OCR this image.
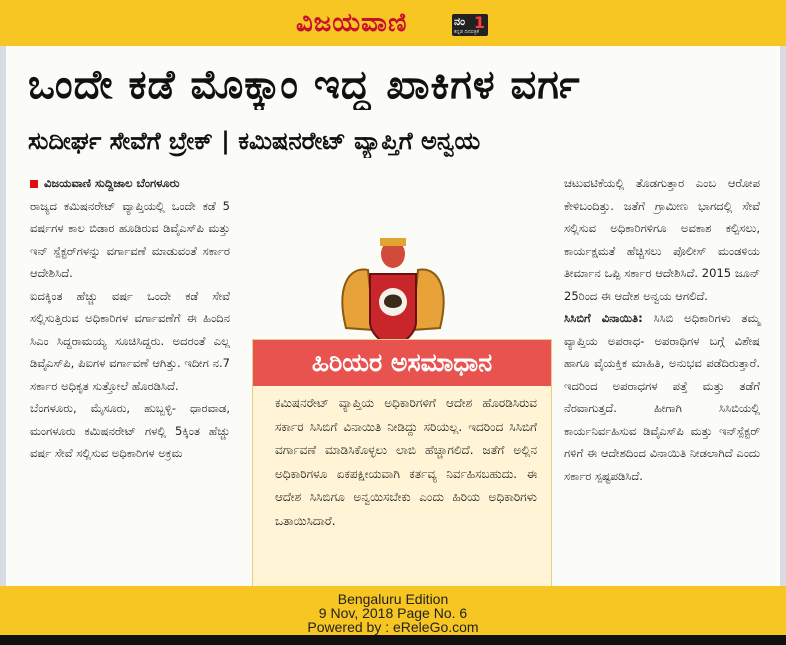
ವಿಜಯವಾಣಿ	ನಂ 1
ಕನ್ನಡ ದಿನಪತ್ರಿಕೆ
ಒಂದೇ ಕಡೆ ಮೊಕ್ಕಾಂ ಇದ್ದ ಖಾಕಿಗಳ ವರ್ಗ
ಸುದೀರ್ಘ ಸೇವೆಗೆ ಬ್ರೇಕ್ | ಕಮಿಷನರೇಟ್ ವ್ಯಾಪ್ತಿಗೆ ಅನ್ವಯ

ವಿಜಯವಾಣಿ ಸುದ್ದಿಜಾಲ ಬೆಂಗಳೂರು

ರಾಜ್ಯದ ಕಮಿಷನರೇಟ್ ವ್ಯಾಪ್ತಿಯಲ್ಲಿ ಒಂದೇ ಕಡೆ 5 ವರ್ಷಗಳ ಕಾಲ ಬಿಡಾರ ಹೂಡಿರುವ ಡಿವೈಎಸ್‌ಪಿ ಮತ್ತು ಇನ್ ಸ್ಪೆಕ್ಟರ್‌ಗಳನ್ನು ವರ್ಗಾವಣೆ ಮಾಡುವಂತೆ ಸರ್ಕಾರ ಆದೇಶಿಸಿದೆ.

ಐದಕ್ಕಿಂತ ಹೆಚ್ಚು ವರ್ಷ ಒಂದೇ ಕಡೆ ಸೇವೆ ಸಲ್ಲಿಸುತ್ತಿರುವ ಅಧಿಕಾರಿಗಳ ವರ್ಗಾವಣೆಗೆ ಈ ಹಿಂದಿನ ಸಿಎಂ ಸಿದ್ದರಾಮಯ್ಯ ಸೂಚಿಸಿದ್ದರು. ಅದರಂತೆ ಎಲ್ಲ ಡಿವೈಎಸ್‌ಪಿ, ಪಿಐಗಳ ವರ್ಗಾವಣೆ ಆಗಿತ್ತು. ಇದೀಗ ನ.7 ಸರ್ಕಾರ ಅಧಿಕೃತ ಸುತ್ತೋಲೆ ಹೊರಡಿಸಿದೆ.

ಬೆಂಗಳೂರು, ಮೈಸೂರು, ಹುಬ್ಬಳ್ಳಿ- ಧಾರವಾಡ, ಮಂಗಳೂರು ಕಮಿಷನರೇಟ್ ಗಳಲ್ಲಿ 5ಕ್ಕಿಂತ ಹೆಚ್ಚು ವರ್ಷ ಸೇವೆ ಸಲ್ಲಿಸುವ ಅಧಿಕಾರಿಗಳ ಅಕ್ರಮ

ಚಟುವಟಿಕೆಯಲ್ಲಿ ತೊಡಗುತ್ತಾರ ಎಂಬ ಆರೋಪ ಕೇಳಿಬಂದಿತ್ತು. ಜತೆಗೆ ಗ್ರಾಮೀಣ ಭಾಗದಲ್ಲಿ ಸೇವೆ ಸಲ್ಲಿಸುವ ಅಧಿಕಾರಿಗಳಿಗೂ ಅವಕಾಶ ಕಲ್ಪಿಸಲು, ಕಾರ್ಯಕ್ಷಮತೆ ಹೆಚ್ಚಿಸಲು ಪೊಲೀಸ್ ಮಂಡಳಿಯ ತೀರ್ಮಾನ ಒಪ್ಪಿ ಸರ್ಕಾರ ಆದೇಶಿಸಿದೆ. 2015 ಜೂನ್ 25ರಿಂದ ಈ ಆದೇಶ ಅನ್ವಯ ಆಗಲಿದೆ.

ಸಿಸಿಬಿಗೆ ವಿನಾಯಿತಿ: ಸಿಸಿಬಿ ಅಧಿಕಾರಿಗಳು ತಮ್ಮ ವ್ಯಾಪ್ತಿಯ ಅಪರಾಧ- ಅಪರಾಧಿಗಳ ಬಗ್ಗೆ ವಿಶೇಷ ಹಾಗೂ ವೈಯಕ್ತಿಕ ಮಾಹಿತಿ, ಅನುಭವ ಪಡೆದಿರುತ್ತಾರೆ. ಇದರಿಂದ ಅಪರಾಧಗಳ ಪತ್ತೆ ಮತ್ತು ತಡೆಗೆ ನೆರವಾಗುತ್ತದೆ. ಹೀಗಾಗಿ ಸಿಸಿಬಿಯಲ್ಲಿ ಕಾರ್ಯನಿರ್ವಹಿಸುವ ಡಿವೈಎಸ್‌ಪಿ ಮತ್ತು ಇನ್‌ಸ್ಪೆಕ್ಟರ್ ಗಳಿಗೆ ಈ ಆದೇಶದಿಂದ ವಿನಾಯಿತಿ ನೀಡಲಾಗಿದೆ ಎಂದು ಸರ್ಕಾರ ಸ್ಪಷ್ಟಪಡಿಸಿದೆ.

ಹಿರಿಯರ ಅಸಮಾಧಾನ
ಕಮಿಷನರೇಟ್ ವ್ಯಾಪ್ತಿಯ ಅಧಿಕಾರಿಗಳಿಗೆ ಆದೇಶ ಹೊರಡಿಸಿರುವ ಸರ್ಕಾರ ಸಿಸಿಬಿಗೆ ವಿನಾಯಿತಿ ನೀಡಿದ್ದು ಸರಿಯಲ್ಲ. ಇದರಿಂದ ಸಿಸಿಬಿಗೆ ವರ್ಗಾವಣೆ ಮಾಡಿಸಿಕೊಳ್ಳಲು ಲಾಬಿ ಹೆಚ್ಚಾಗಲಿದೆ. ಜತೆಗೆ ಅಲ್ಲಿನ ಅಧಿಕಾರಿಗಳೂ ಏಕಪಕ್ಷೀಯವಾಗಿ ಕರ್ತವ್ಯ ನಿರ್ವಹಿಸಬಹುದು. ಈ ಆದೇಶ ಸಿಸಿಬಿಗೂ ಅನ್ವಯಿಸಬೇಕು ಎಂದು ಹಿರಿಯ ಅಧಿಕಾರಿಗಳು ಒತಾಯಿಸಿದಾರೆ.
Bengaluru Edition
9 Nov, 2018 Page No. 6
Powered by : eReleGo.com
